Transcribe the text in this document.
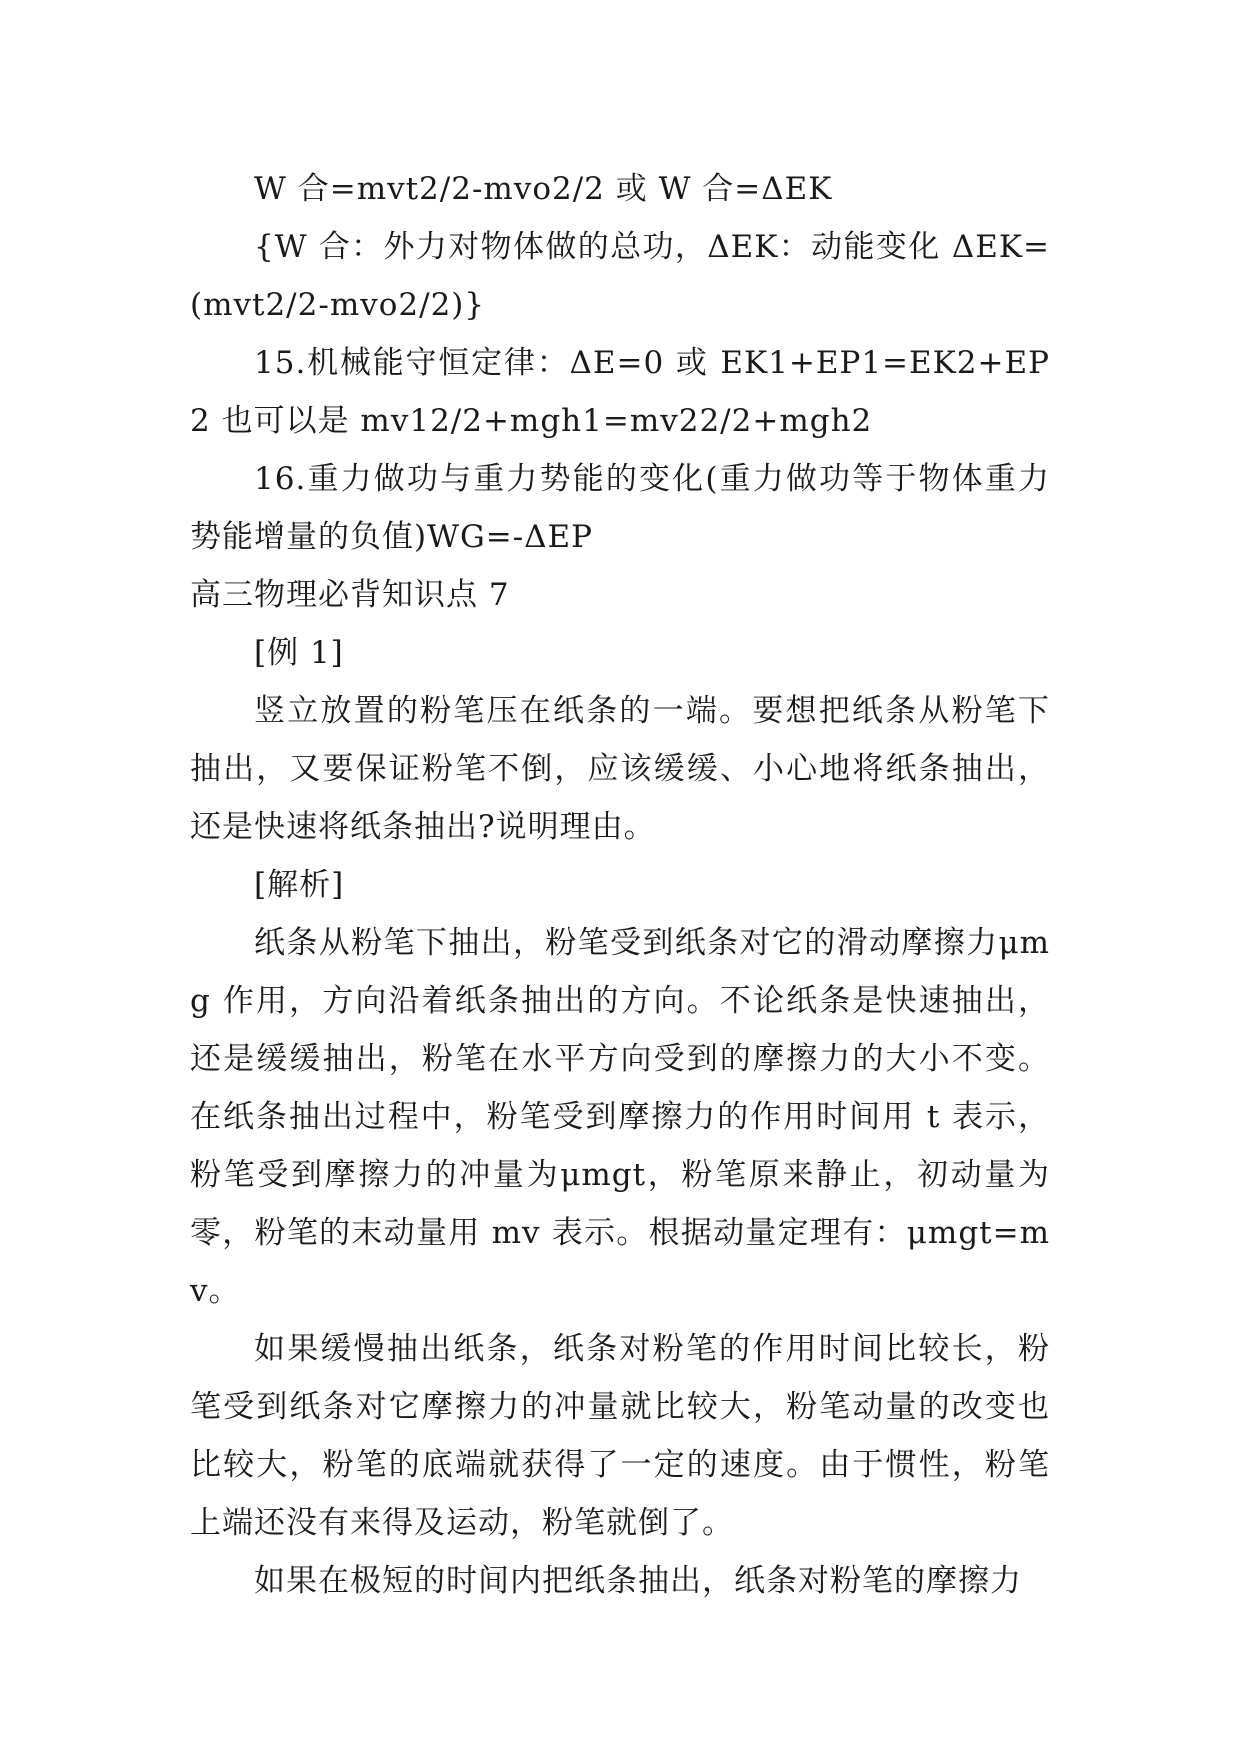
W 合=mvt2/2-mvo2/2 或 W 合=ΔEK

{W 合：外力对物体做的总功，ΔEK：动能变化 ΔEK=(mvt2/2-mvo2/2)}

15.机械能守恒定律：ΔE=0 或 EK1+EP1=EK2+EP2 也可以是 mv12/2+mgh1=mv22/2+mgh2

16.重力做功与重力势能的变化(重力做功等于物体重力势能增量的负值)WG=-ΔEP

高三物理必背知识点 7

[例 1]

竖立放置的粉笔压在纸条的一端。要想把纸条从粉笔下抽出，又要保证粉笔不倒，应该缓缓、小心地将纸条抽出，还是快速将纸条抽出?说明理由。

[解析]

纸条从粉笔下抽出，粉笔受到纸条对它的滑动摩擦力μmg 作用，方向沿着纸条抽出的方向。不论纸条是快速抽出，还是缓缓抽出，粉笔在水平方向受到的摩擦力的大小不变。在纸条抽出过程中，粉笔受到摩擦力的作用时间用 t 表示，粉笔受到摩擦力的冲量为μmgt，粉笔原来静止，初动量为零，粉笔的末动量用 mv 表示。根据动量定理有：μmgt=mv。

如果缓慢抽出纸条，纸条对粉笔的作用时间比较长，粉笔受到纸条对它摩擦力的冲量就比较大，粉笔动量的改变也比较大，粉笔的底端就获得了一定的速度。由于惯性，粉笔上端还没有来得及运动，粉笔就倒了。

如果在极短的时间内把纸条抽出，纸条对粉笔的摩擦力
